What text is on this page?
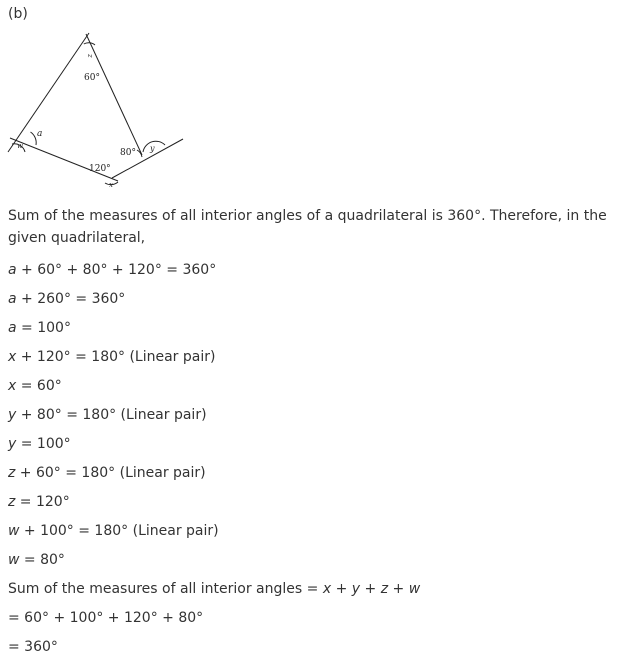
(b)
60°
80°
120°
a
w
x
y
z

Sum of the measures of all interior angles of a quadrilateral is 360°. Therefore, in the given quadrilateral,

a + 60° + 80° + 120° = 360°
a + 260° = 360°
a = 100°
x + 120° = 180° (Linear pair)
x = 60°
y + 80° = 180° (Linear pair)
y = 100°
z + 60° = 180° (Linear pair)
z = 120°
w + 100° = 180° (Linear pair)
w = 80°
Sum of the measures of all interior angles = x + y + z + w
= 60° + 100° + 120° + 80°
= 360°
